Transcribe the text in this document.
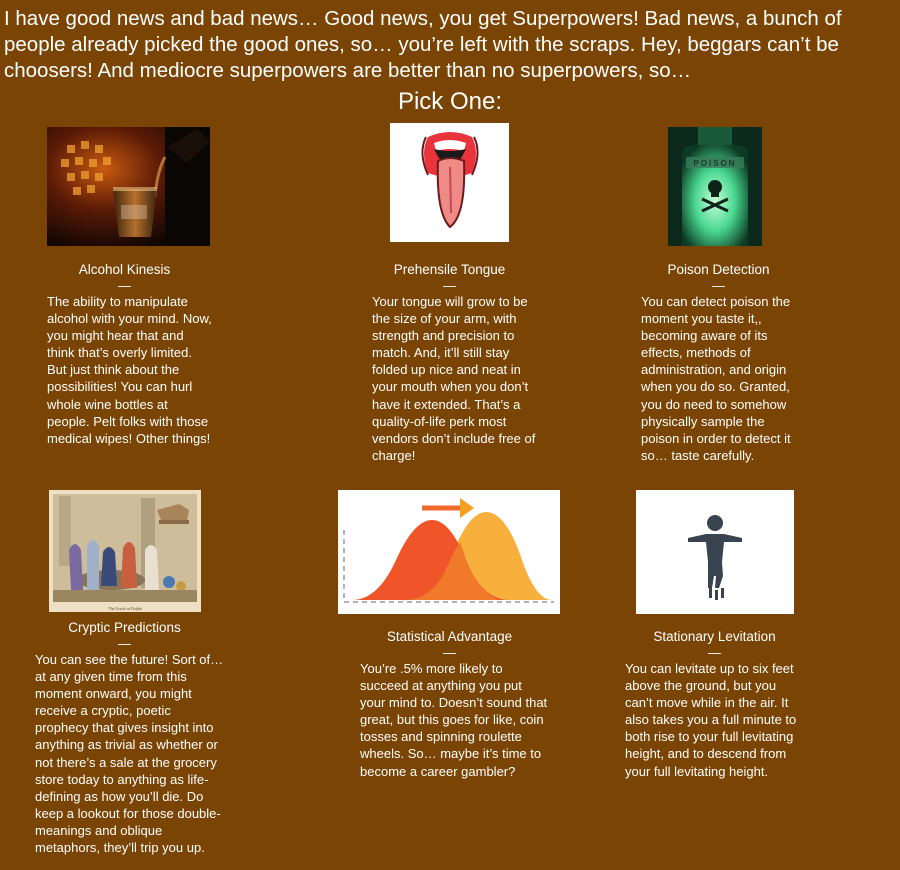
I have good news and bad news… Good news, you get Superpowers! Bad news, a bunch of people already picked the good ones, so… you’re left with the scraps. Hey, beggars can’t be choosers! And mediocre superpowers are better than no superpowers, so…

Pick One:
Alcohol Kinesis
—

The ability to manipulate alcohol with your mind. Now, you might hear that and think that’s overly limited. But just think about the possibilities! You can hurl whole wine bottles at people. Pelt folks with those medical wipes! Other things!

Prehensile Tongue
—

Your tongue will grow to be the size of your arm, with strength and precision to match. And, it’ll still stay folded up nice and neat in your mouth when you don’t have it extended. That’s a quality-of-life perk most vendors don’t include free of charge!

POISON
Poison Detection
—

You can detect poison the moment you taste it,, becoming aware of its effects, methods of administration, and origin when you do so. Granted, you do need to somehow physically sample the poison in order to detect it so… taste carefully.

The Oracle at Delphi
Cryptic Predictions
—

You can see the future! Sort of… at any given time from this moment onward, you might receive a cryptic, poetic prophecy that gives insight into anything as trivial as whether or not there’s a sale at the grocery store today to anything as life-defining as how you’ll die. Do keep a lookout for those double-meanings and oblique metaphors, they’ll trip you up.

Statistical Advantage
—

You’re .5% more likely to succeed at anything you put your mind to. Doesn’t sound that great, but this goes for like, coin tosses and spinning roulette wheels. So… maybe it’s time to become a career gambler?

Stationary Levitation
—

You can levitate up to six feet above the ground, but you can’t move while in the air. It also takes you a full minute to both rise to your full levitating height, and to descend from your full levitating height.
